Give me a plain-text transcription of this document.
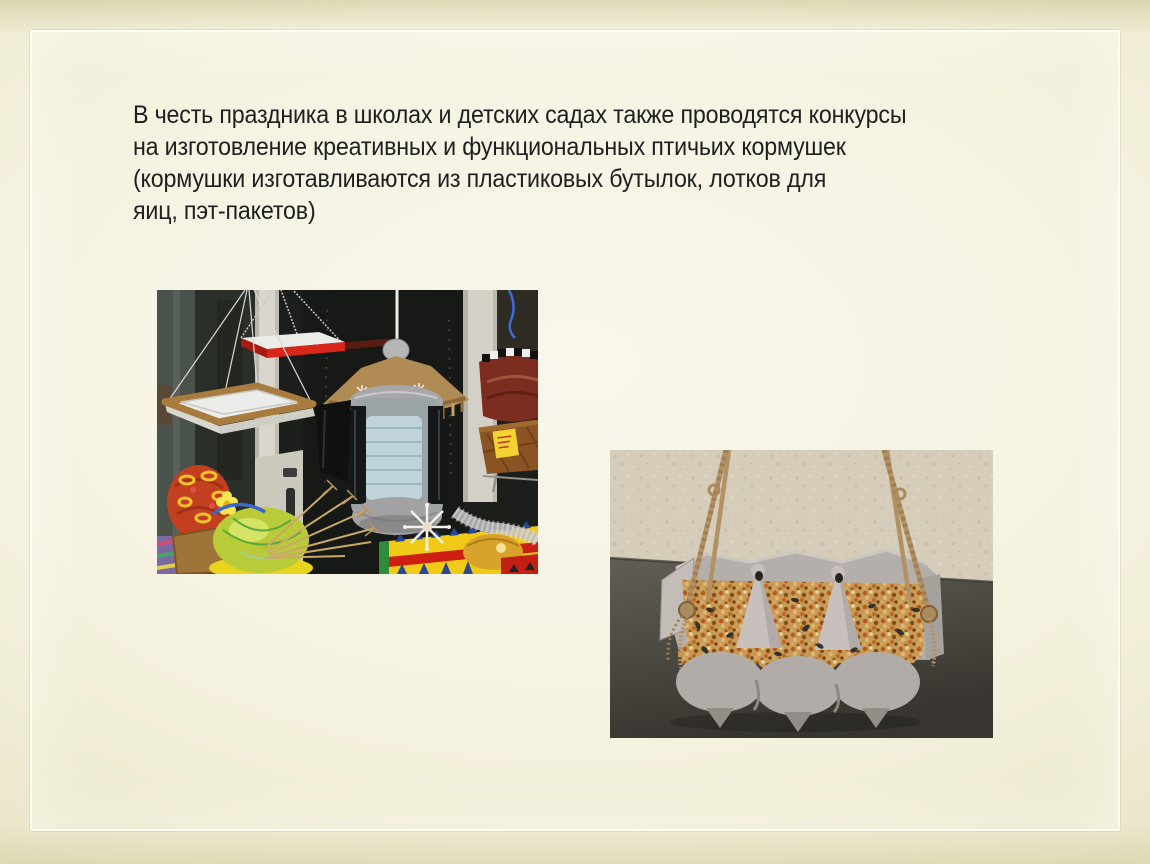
В честь праздника в школах и детских садах также проводятся конкурсы
на изготовление креативных и функциональных птичьих кормушек
(кормушки изготавливаются из пластиковых бутылок, лотков для
яиц, пэт-пакетов)
